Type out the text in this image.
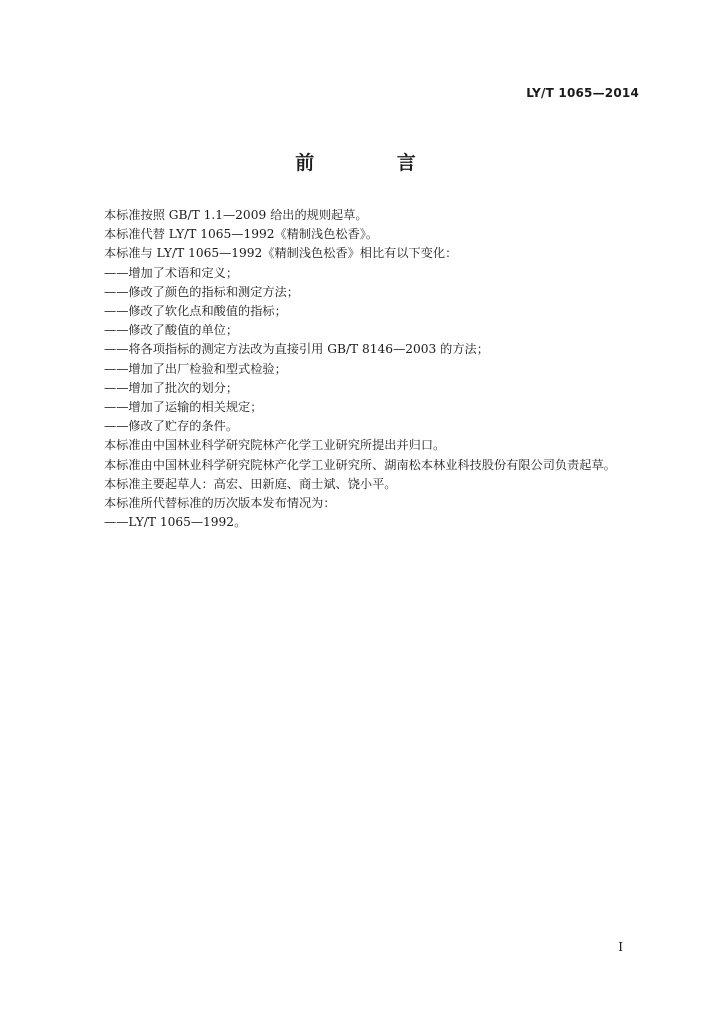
LY/T 1065—2014
前 言
本标准按照 GB/T 1.1—2009 给出的规则起草。
本标准代替 LY/T 1065—1992《精制浅色松香》。
本标准与 LY/T 1065—1992《精制浅色松香》相比有以下变化：
——增加了术语和定义；
——修改了颜色的指标和测定方法；
——修改了软化点和酸值的指标；
——修改了酸值的单位；
——将各项指标的测定方法改为直接引用 GB/T 8146—2003 的方法；
——增加了出厂检验和型式检验；
——增加了批次的划分；
——增加了运输的相关规定；
——修改了贮存的条件。
本标准由中国林业科学研究院林产化学工业研究所提出并归口。
本标准由中国林业科学研究院林产化学工业研究所、湖南松本林业科技股份有限公司负责起草。
本标准主要起草人：高宏、田新庭、商士斌、饶小平。
本标准所代替标准的历次版本发布情况为：
——LY/T 1065—1992。
I
